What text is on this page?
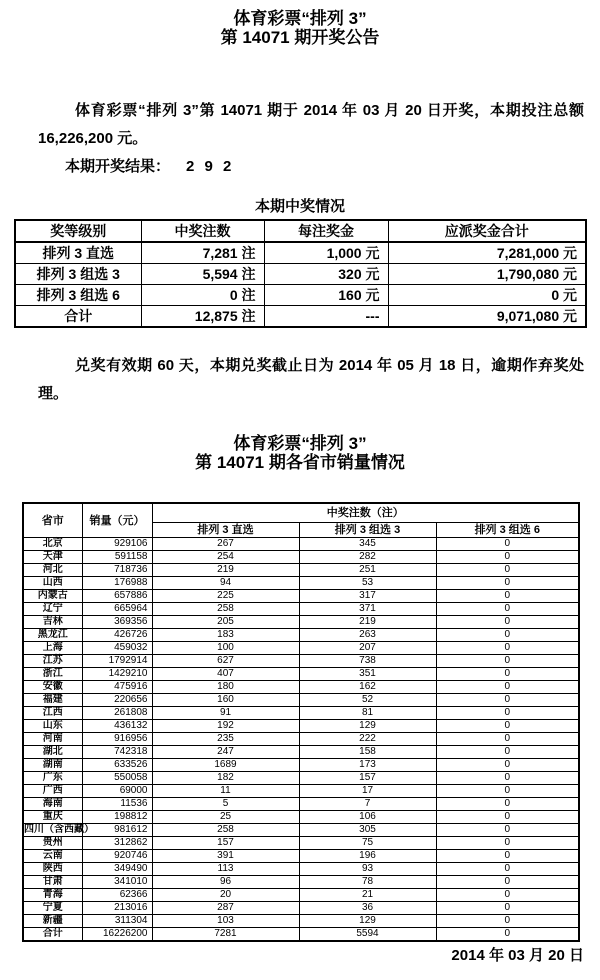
体育彩票“排列 3”
第 14071 期开奖公告

体育彩票“排列 3”第 14071 期于 2014 年 03 月 20 日开奖，本期投注总额 16,226,200 元。

本期开奖结果： 2 9 2

本期中奖情况
奖等级别	中奖注数	每注奖金	应派奖金合计
排列 3 直选	7,281 注	1,000 元	7,281,000 元
排列 3 组选 3	5,594 注	320 元	1,790,080 元
排列 3 组选 6	0 注	160 元	0 元
合计	12,875 注	---	9,071,080 元

兑奖有效期 60 天，本期兑奖截止日为 2014 年 05 月 18 日，逾期作弃奖处理。

体育彩票“排列 3”
第 14071 期各省市销量情况
省市	销量（元）	中奖注数（注）		
		排列 3 直选	排列 3 组选 3	排列 3 组选 6
北京	929106	267	345	0
天津	591158	254	282	0
河北	718736	219	251	0
山西	176988	94	53	0
内蒙古	657886	225	317	0
辽宁	665964	258	371	0
吉林	369356	205	219	0
黑龙江	426726	183	263	0
上海	459032	100	207	0
江苏	1792914	627	738	0
浙江	1429210	407	351	0
安徽	475916	180	162	0
福建	220656	160	52	0
江西	261808	91	81	0
山东	436132	192	129	0
河南	916956	235	222	0
湖北	742318	247	158	0
湖南	633526	1689	173	0
广东	550058	182	157	0
广西	69000	11	17	0
海南	11536	5	7	0
重庆	198812	25	106	0
四川（含西藏）	981612	258	305	0
贵州	312862	157	75	0
云南	920746	391	196	0
陕西	349490	113	93	0
甘肃	341010	96	78	0
青海	62366	20	21	0
宁夏	213016	287	36	0
新疆	311304	103	129	0
合计	16226200	7281	5594	0
2014 年 03 月 20 日
